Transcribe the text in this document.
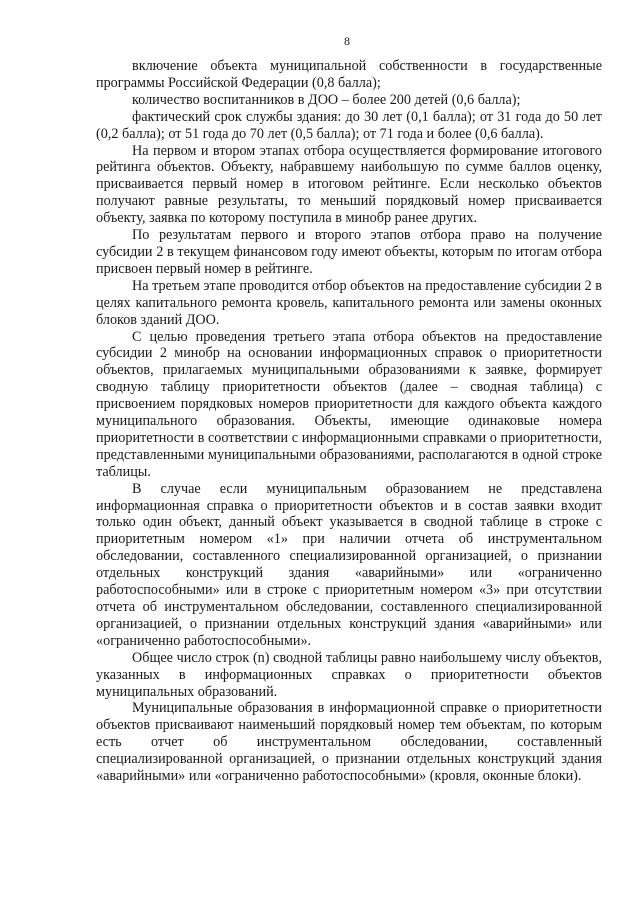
8

включение объекта муниципальной собственности в государственные программы Российской Федерации (0,8 балла);

количество воспитанников в ДОО – более 200 детей (0,6 балла);

фактический срок службы здания: до 30 лет (0,1 балла); от 31 года до 50 лет (0,2 балла); от 51 года до 70 лет (0,5 балла); от 71 года и более (0,6 балла).

На первом и втором этапах отбора осуществляется формирование итогового рейтинга объектов. Объекту, набравшему наибольшую по сумме баллов оценку, присваивается первый номер в итоговом рейтинге. Если несколько объектов получают равные результаты, то меньший порядковый номер присваивается объекту, заявка по которому поступила в минобр ранее других.

По результатам первого и второго этапов отбора право на получение субсидии 2 в текущем финансовом году имеют объекты, которым по итогам отбора присвоен первый номер в рейтинге.

На третьем этапе проводится отбор объектов на предоставление субсидии 2 в целях капитального ремонта кровель, капитального ремонта или замены оконных блоков зданий ДОО.

С целью проведения третьего этапа отбора объектов на предоставление субсидии 2 минобр на основании информационных справок о приоритетности объектов, прилагаемых муниципальными образованиями к заявке, формирует сводную таблицу приоритетности объектов (далее – сводная таблица) с присвоением порядковых номеров приоритетности для каждого объекта каждого муниципального образования. Объекты, имеющие одинаковые номера приоритетности в соответствии с информационными справками о приоритетности, представленными муниципальными образованиями, располагаются в одной строке таблицы.

В случае если муниципальным образованием не представлена информационная справка о приоритетности объектов и в состав заявки входит только один объект, данный объект указывается в сводной таблице в строке с приоритетным номером «1» при наличии отчета об инструментальном обследовании, составленного специализированной организацией, о признании отдельных конструкций здания «аварийными» или «ограниченно работоспособными» или в строке с приоритетным номером «3» при отсутствии отчета об инструментальном обследовании, составленного специализированной организацией, о признании отдельных конструкций здания «аварийными» или «ограниченно работоспособными».

Общее число строк (n) сводной таблицы равно наибольшему числу объектов, указанных в информационных справках о приоритетности объектов муниципальных образований.

Муниципальные образования в информационной справке о приоритетности объектов присваивают наименьший порядковый номер тем объектам, по которым есть отчет об инструментальном обследовании, составленный специализированной организацией, о признании отдельных конструкций здания «аварийными» или «ограниченно работоспособными» (кровля, оконные блоки).
